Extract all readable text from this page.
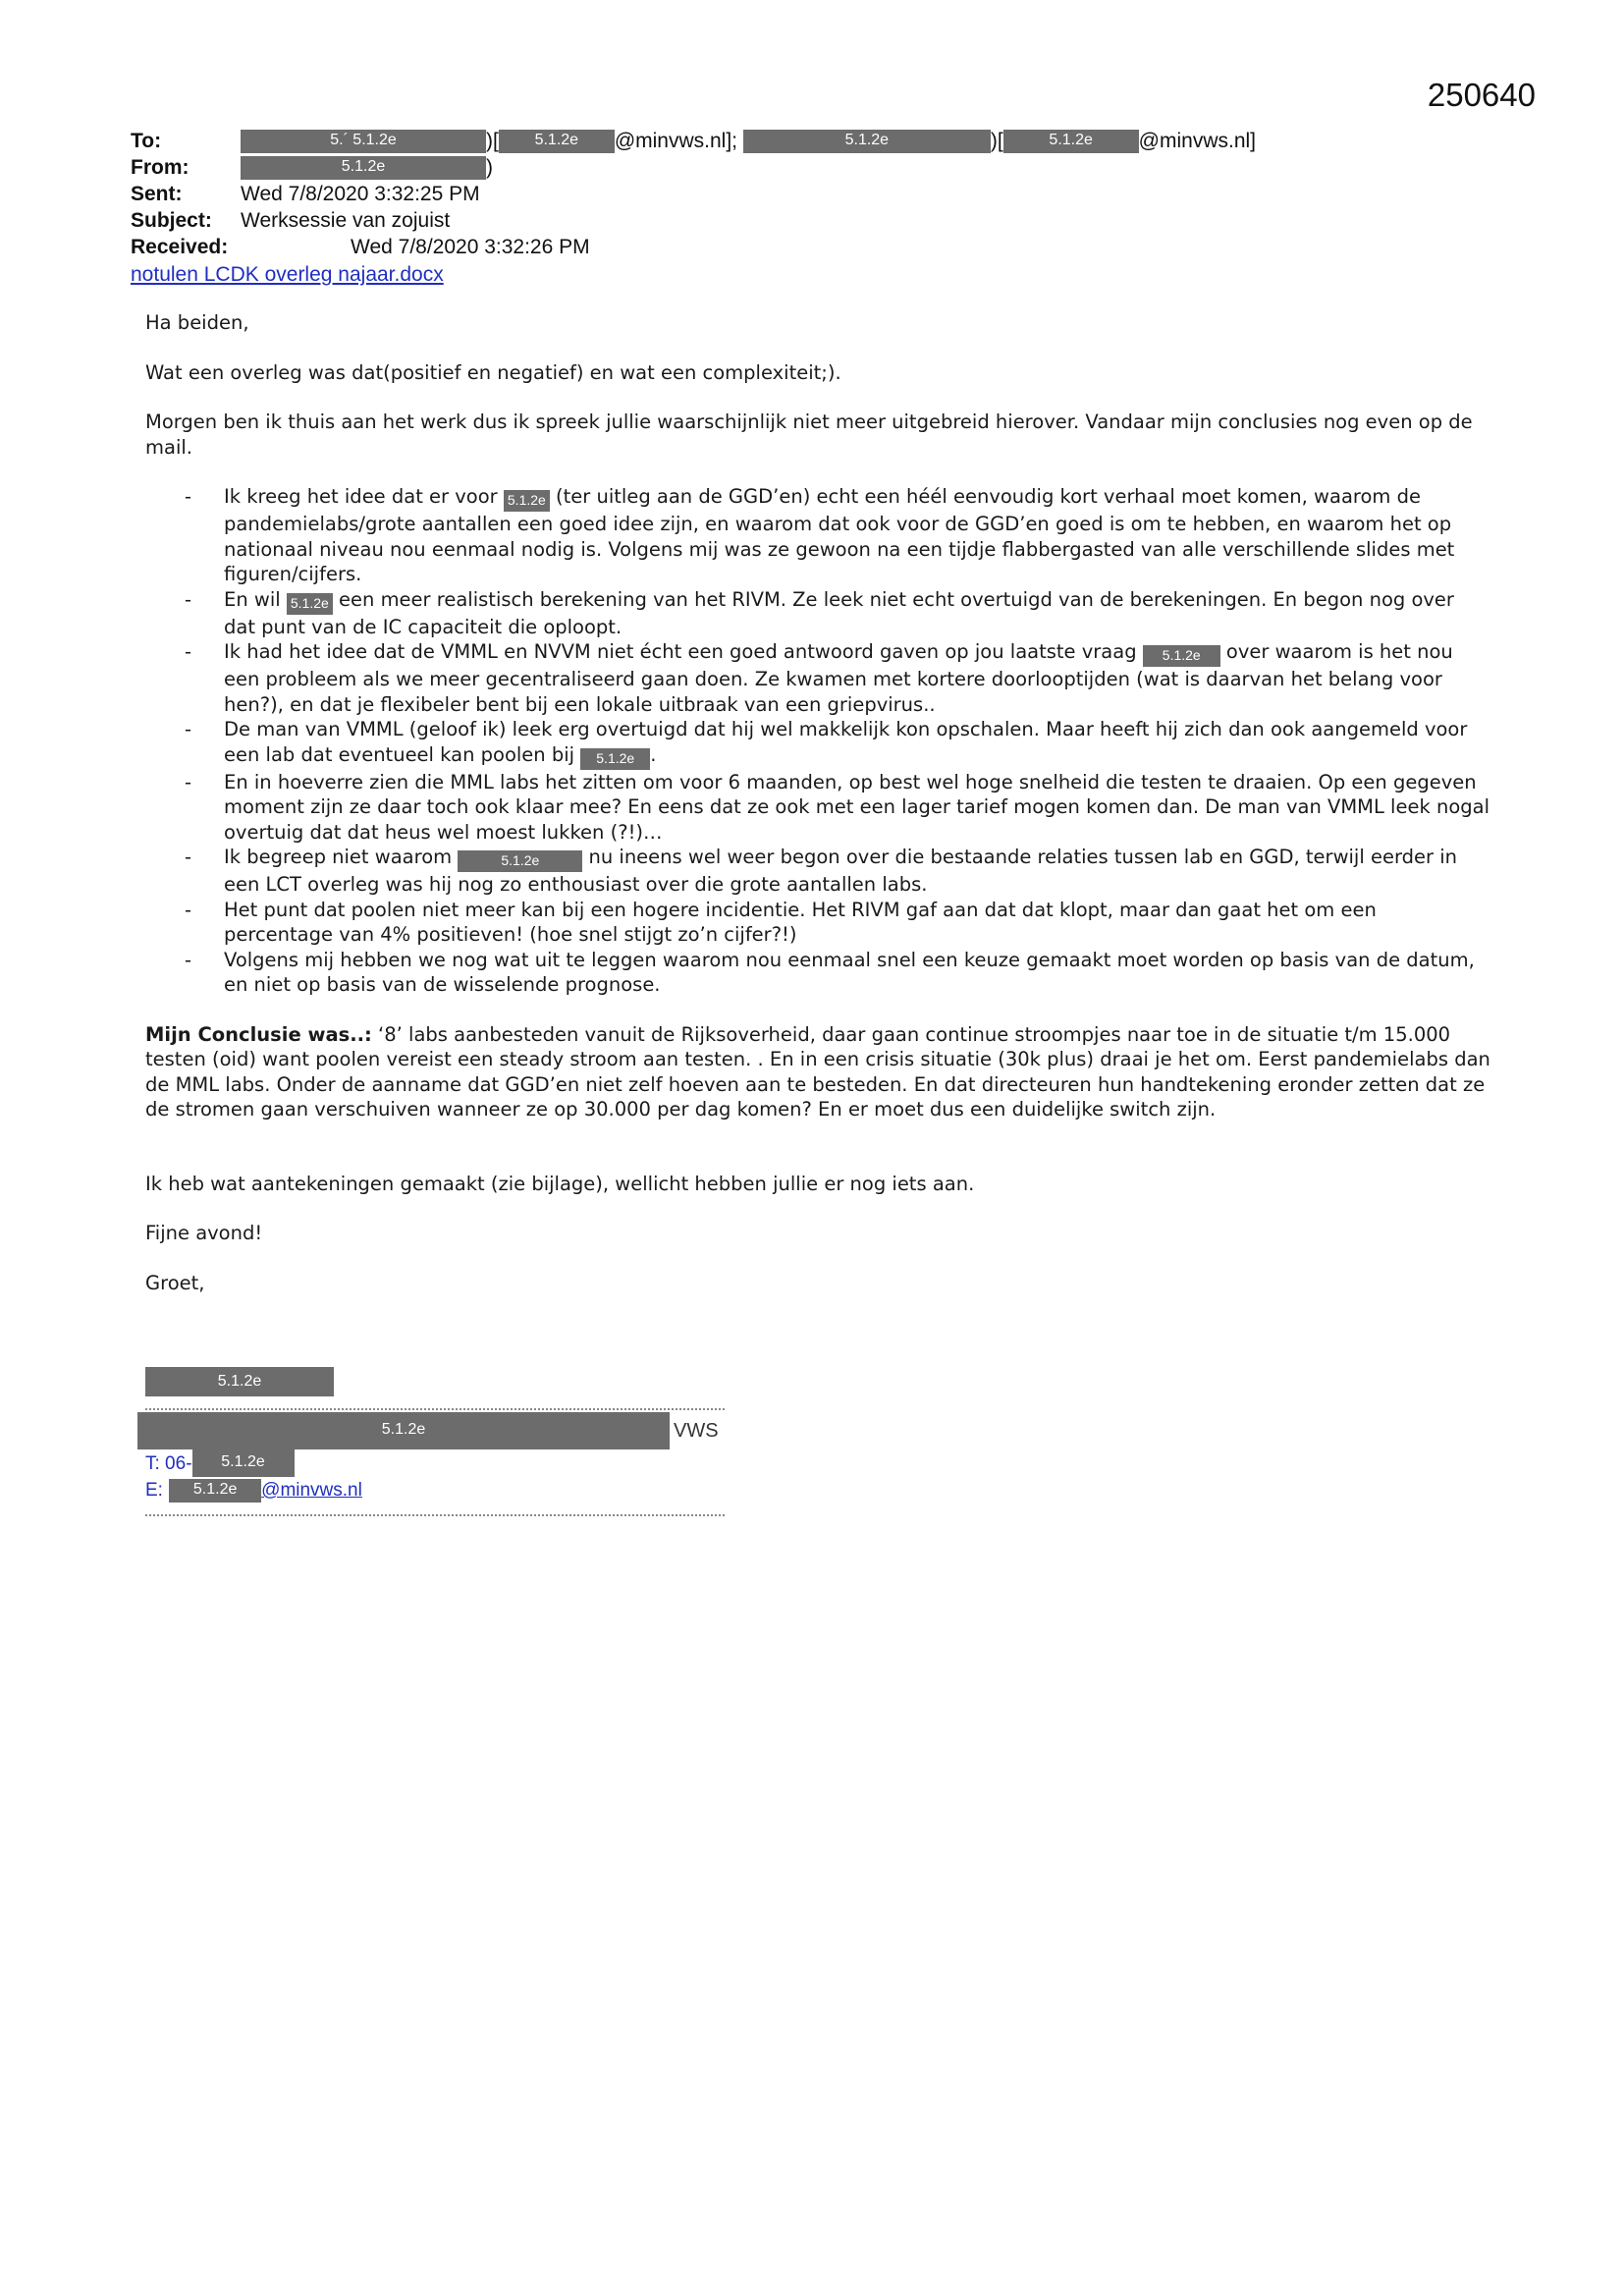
250640
To:	5.´ 5.1.2e	)[ 5.1.2e @minvws.nl];	5.1.2e	)[	5.1.2e @minvws.nl]
From:	5.1.2e	)
Sent:	Wed 7/8/2020 3:32:25 PM
Subject: Werksessie van zojuist
Received:	Wed 7/8/2020 3:32:26 PM
notulen LCDK overleg najaar.docx

Ha beiden,

Wat een overleg was dat(positief en negatief) en wat een complexiteit;).

Morgen ben ik thuis aan het werk dus ik spreek jullie waarschijnlijk niet meer uitgebreid hierover. Vandaar mijn conclusies nog even op de mail.

- Ik kreeg het idee dat er voor 5.1.2e (ter uitleg aan de GGD’en) echt een héél eenvoudig kort verhaal moet komen, waarom de pandemielabs/grote aantallen een goed idee zijn, en waarom dat ook voor de GGD’en goed is om te hebben, en waarom het op nationaal niveau nou eenmaal nodig is. Volgens mij was ze gewoon na een tijdje flabbergasted van alle verschillende slides met figuren/cijfers.
- En wil 5.1.2e een meer realistisch berekening van het RIVM. Ze leek niet echt overtuigd van de berekeningen. En begon nog over dat punt van de IC capaciteit die oploopt.
- Ik had het idee dat de VMML en NVVM niet écht een goed antwoord gaven op jou laatste vraag 5.1.2e over waarom is het nou een probleem als we meer gecentraliseerd gaan doen. Ze kwamen met kortere doorlooptijden (wat is daarvan het belang voor hen?), en dat je flexibeler bent bij een lokale uitbraak van een griepvirus..
- De man van VMML (geloof ik) leek erg overtuigd dat hij wel makkelijk kon opschalen. Maar heeft hij zich dan ook aangemeld voor een lab dat eventueel kan poolen bij 5.1.2e .
- En in hoeverre zien die MML labs het zitten om voor 6 maanden, op best wel hoge snelheid die testen te draaien. Op een gegeven moment zijn ze daar toch ook klaar mee? En eens dat ze ook met een lager tarief mogen komen dan. De man van VMML leek nogal overtuig dat dat heus wel moest lukken (?!)…
- Ik begreep niet waarom	5.1.2e nu ineens wel weer begon over die bestaande relaties tussen lab en GGD, terwijl eerder in een LCT overleg was hij nog zo enthousiast over die grote aantallen labs.
- Het punt dat poolen niet meer kan bij een hogere incidentie. Het RIVM gaf aan dat dat klopt, maar dan gaat het om een percentage van 4% positieven! (hoe snel stijgt zo’n cijfer?!)
- Volgens mij hebben we nog wat uit te leggen waarom nou eenmaal snel een keuze gemaakt moet worden op basis van de datum, en niet op basis van de wisselende prognose.

Mijn Conclusie was..: ‘8’ labs aanbesteden vanuit de Rijksoverheid, daar gaan continue stroompjes naar toe in de situatie t/m 15.000 testen (oid) want poolen vereist een steady stroom aan testen. . En in een crisis situatie (30k plus) draai je het om. Eerst pandemielabs dan de MML labs. Onder de aanname dat GGD’en niet zelf hoeven aan te besteden. En dat directeuren hun handtekening eronder zetten dat ze de stromen gaan verschuiven wanneer ze op 30.000 per dag komen? En er moet dus een duidelijke switch zijn.

Ik heb wat aantekeningen gemaakt (zie bijlage), wellicht hebben jullie er nog iets aan.

Fijne avond!

Groet,

5.1.2e
5.1.2e	VWS
T: 06- 5.1.2e
E: 5.1.2e @minvws.nl
